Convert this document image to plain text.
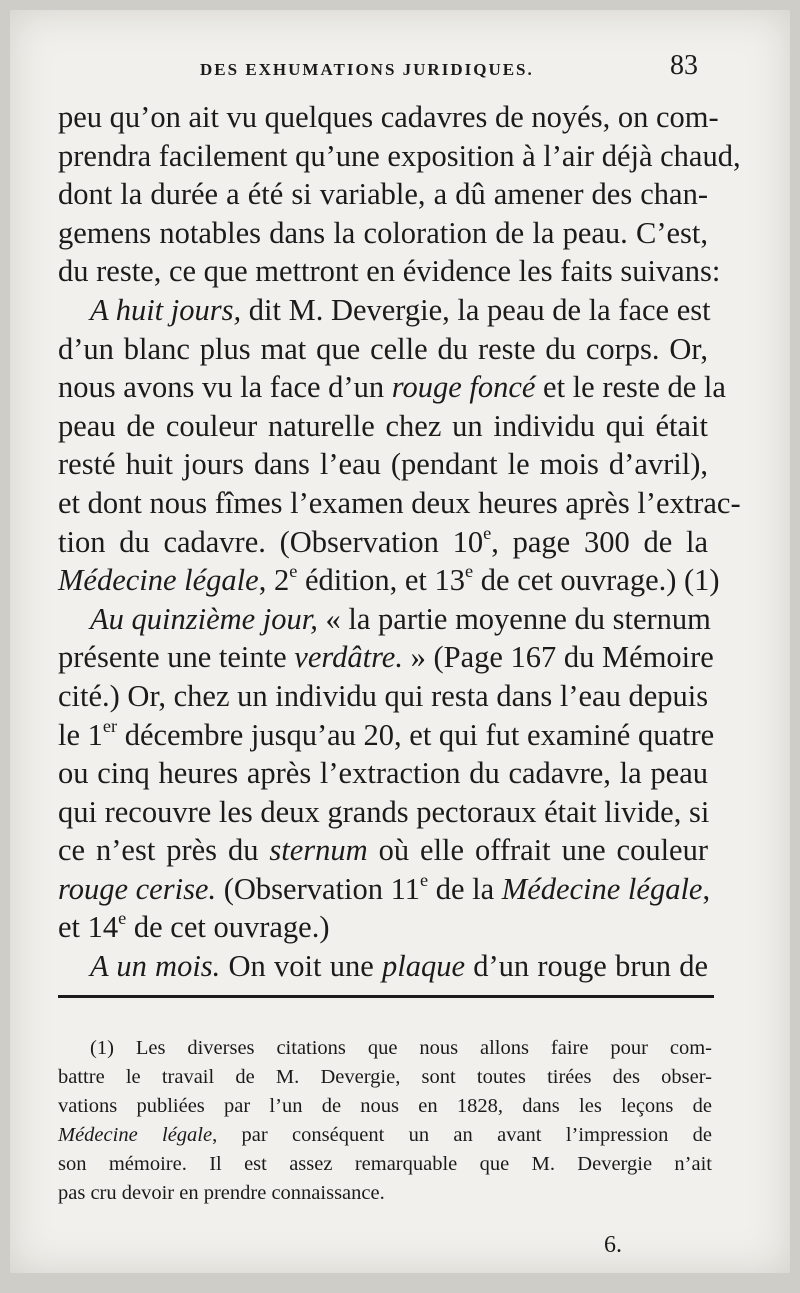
DES EXHUMATIONS JURIDIQUES.	83
peu qu’on ait vu quelques cadavres de noyés, on com-
prendra facilement qu’une exposition à l’air déjà chaud,
dont la durée a été si variable, a dû amener des chan-
gemens notables dans la coloration de la peau. C’est,
du reste, ce que mettront en évidence les faits suivans:
A huit jours, dit M. Devergie, la peau de la face est
d’un blanc plus mat que celle du reste du corps. Or,
nous avons vu la face d’un rouge foncé et le reste de la
peau de couleur naturelle chez un individu qui était
resté huit jours dans l’eau (pendant le mois d’avril),
et dont nous fîmes l’examen deux heures après l’extrac-
tion du cadavre. (Observation 10e, page 300 de la
Médecine légale, 2e édition, et 13e de cet ouvrage.) (1)
Au quinzième jour, « la partie moyenne du sternum
présente une teinte verdâtre. » (Page 167 du Mémoire
cité.) Or, chez un individu qui resta dans l’eau depuis
le 1er décembre jusqu’au 20, et qui fut examiné quatre
ou cinq heures après l’extraction du cadavre, la peau
qui recouvre les deux grands pectoraux était livide, si
ce n’est près du sternum où elle offrait une couleur
rouge cerise. (Observation 11e de la Médecine légale,
et 14e de cet ouvrage.)
A un mois. On voit une plaque d’un rouge brun de
(1) Les diverses citations que nous allons faire pour com-
battre le travail de M. Devergie, sont toutes tirées des obser-
vations publiées par l’un de nous en 1828, dans les leçons de
Médecine légale, par conséquent un an avant l’impression de
son mémoire. Il est assez remarquable que M. Devergie n’ait
pas cru devoir en prendre connaissance.
6.
